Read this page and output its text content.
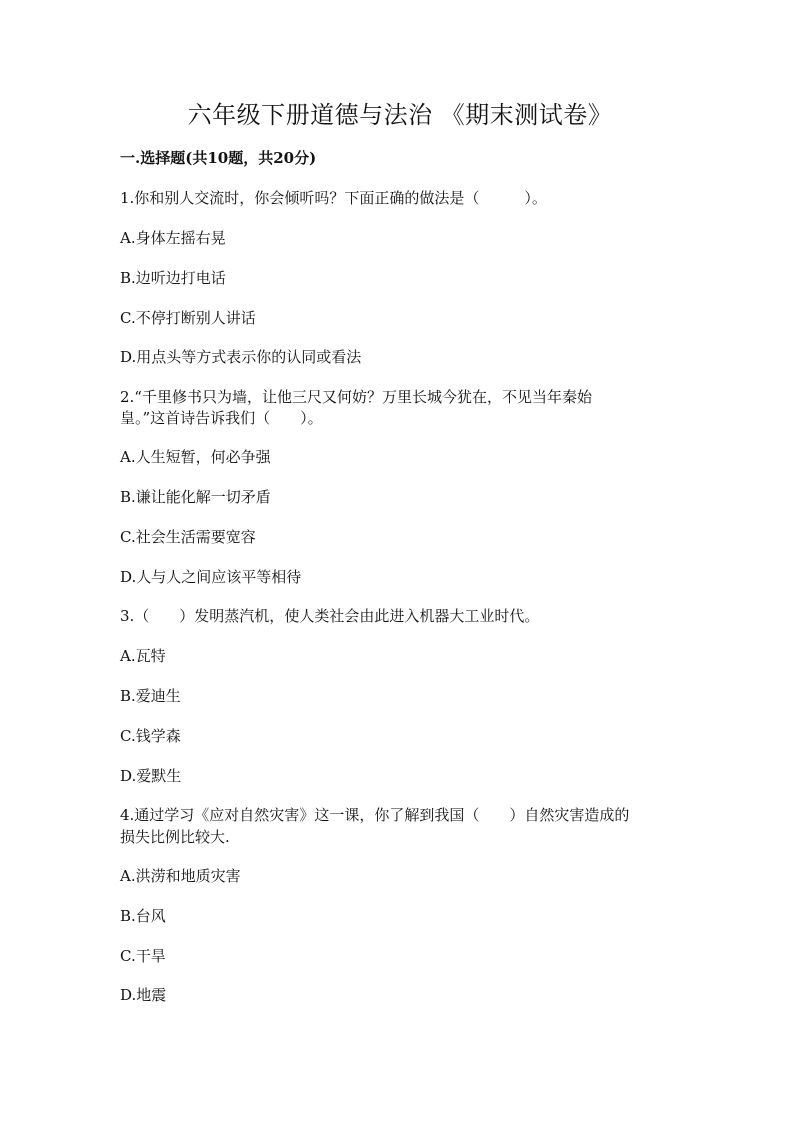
六年级下册道德与法治 《期末测试卷》
一.选择题(共10题，共20分)

1.你和别人交流时，你会倾听吗？下面正确的做法是（　　　）。

A.身体左摇右晃

B.边听边打电话

C.不停打断别人讲话

D.用点头等方式表示你的认同或看法

2.“千里修书只为墙，让他三尺又何妨？万里长城今犹在，不见当年秦始

皇。”这首诗告诉我们（　　）。

A.人生短暂，何必争强

B.谦让能化解一切矛盾

C.社会生活需要宽容

D.人与人之间应该平等相待

3.（　　）发明蒸汽机，使人类社会由此进入机器大工业时代。

A.瓦特

B.爱迪生

C.钱学森

D.爱默生

4.通过学习《应对自然灾害》这一课，你了解到我国（　　）自然灾害造成的

损失比例比较大.

A.洪涝和地质灾害

B.台风

C.干旱

D.地震
